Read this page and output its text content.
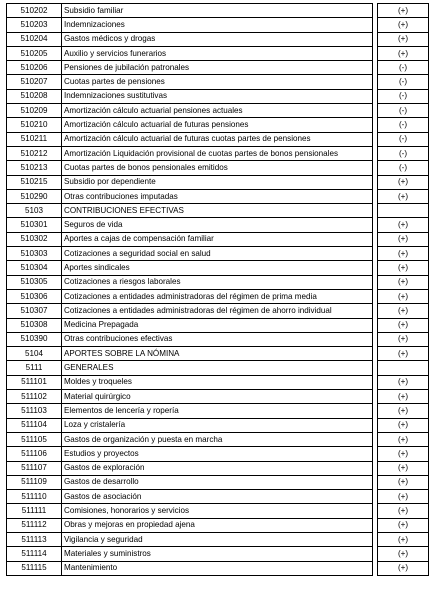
510202	Subsidio familiar		(+)
510203	Indemnizaciones		(+)
510204	Gastos médicos y drogas		(+)
510205	Auxilio y servicios funerarios		(+)
510206	Pensiones de jubilación patronales		(-)
510207	Cuotas partes de pensiones		(-)
510208	Indemnizaciones sustitutivas		(-)
510209	Amortización cálculo actuarial pensiones actuales		(-)
510210	Amortización cálculo actuarial de futuras pensiones		(-)
510211	Amortización cálculo actuarial de futuras cuotas partes de pensiones		(-)
510212	Amortización Liquidación provisional de cuotas partes de bonos pensionales		(-)
510213	Cuotas partes de bonos pensionales emitidos		(-)
510215	Subsidio por dependiente		(+)
510290	Otras contribuciones imputadas		(+)
5103	CONTRIBUCIONES EFECTIVAS		
510301	Seguros de vida		(+)
510302	Aportes a cajas de compensación familiar		(+)
510303	Cotizaciones a seguridad social en salud		(+)
510304	Aportes sindicales		(+)
510305	Cotizaciones a riesgos laborales		(+)
510306	Cotizaciones a entidades administradoras del régimen de prima media		(+)
510307	Cotizaciones a entidades administradoras del régimen de ahorro individual		(+)
510308	Medicina Prepagada		(+)
510390	Otras contribuciones efectivas		(+)
5104	APORTES SOBRE LA NÓMINA		(+)
5111	GENERALES		
511101	Moldes y troqueles		(+)
511102	Material quirúrgico		(+)
511103	Elementos de lencería y ropería		(+)
511104	Loza y cristalería		(+)
511105	Gastos de organización y puesta en marcha		(+)
511106	Estudios y proyectos		(+)
511107	Gastos de exploración		(+)
511109	Gastos de desarrollo		(+)
511110	Gastos de asociación		(+)
511111	Comisiones, honorarios y servicios		(+)
511112	Obras y mejoras en propiedad ajena		(+)
511113	Vigilancia y seguridad		(+)
511114	Materiales y suministros		(+)
511115	Mantenimiento		(+)
